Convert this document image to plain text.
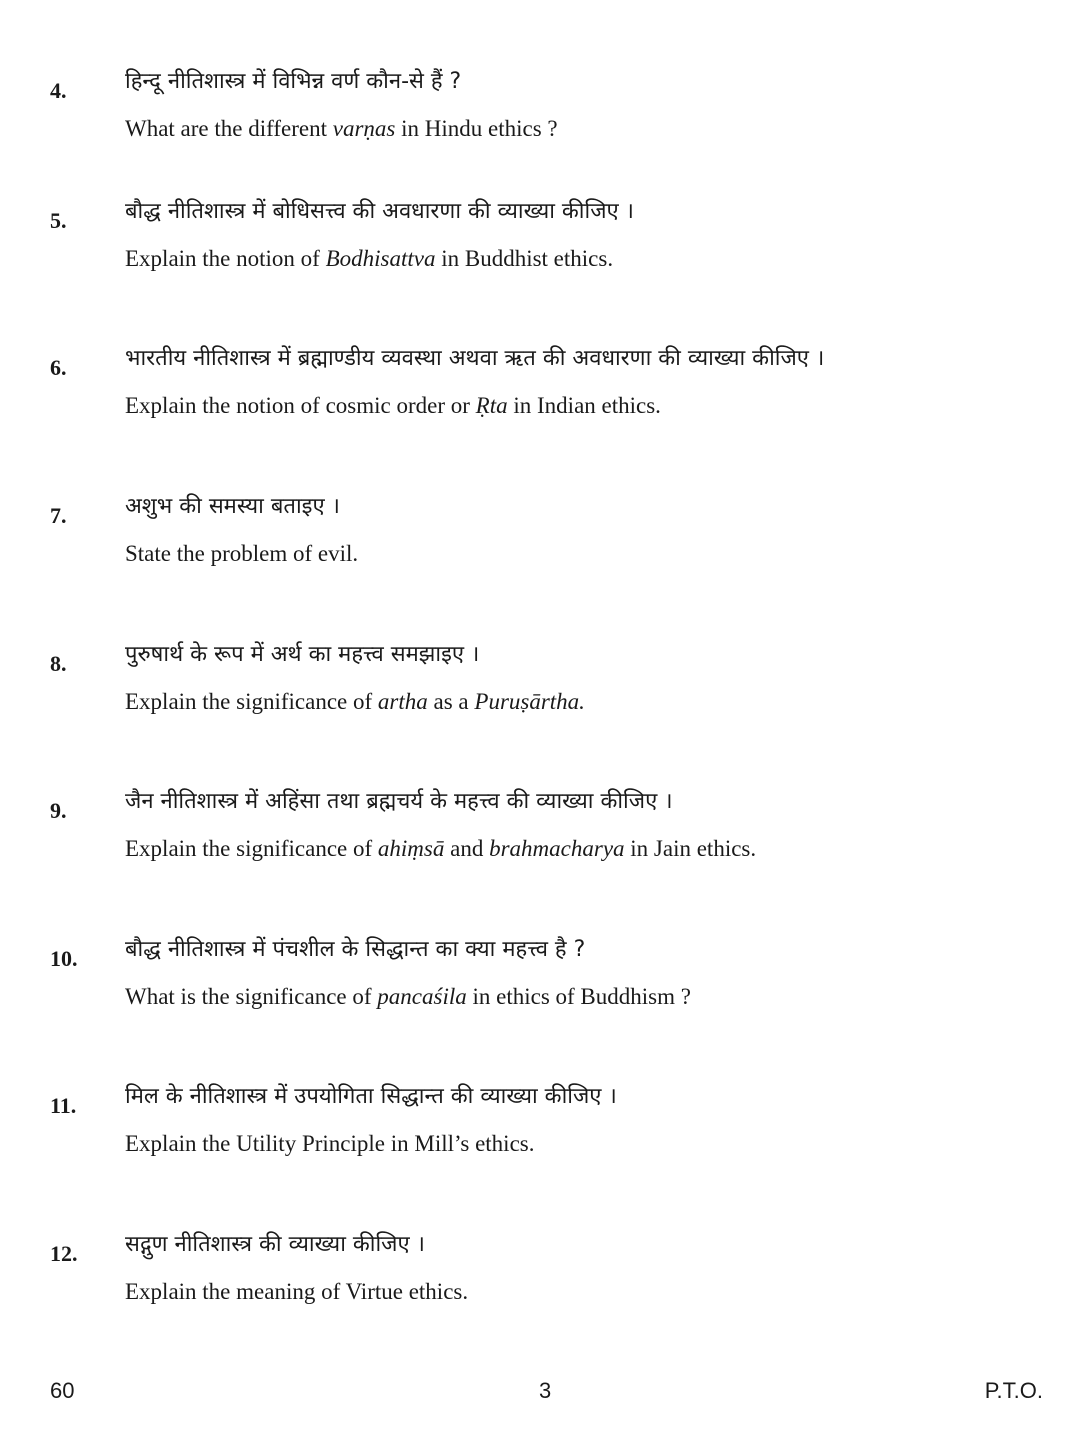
4.	हिन्दू नीतिशास्त्र में विभिन्न वर्ण कौन-से हैं ?
What are the different varṇas in Hindu ethics ?
5.	बौद्ध नीतिशास्त्र में बोधिसत्त्व की अवधारणा की व्याख्या कीजिए ।
Explain the notion of Bodhisattva in Buddhist ethics.
6.	भारतीय नीतिशास्त्र में ब्रह्माण्डीय व्यवस्था अथवा ऋत की अवधारणा की व्याख्या कीजिए ।
Explain the notion of cosmic order or Ṛta in Indian ethics.
7.	अशुभ की समस्या बताइए ।
State the problem of evil.
8.	पुरुषार्थ के रूप में अर्थ का महत्त्व समझाइए ।
Explain the significance of artha as a Puruṣārtha.
9.	जैन नीतिशास्त्र में अहिंसा तथा ब्रह्मचर्य के महत्त्व की व्याख्या कीजिए ।
Explain the significance of ahiṃsā and brahmacharya in Jain ethics.
10. बौद्ध नीतिशास्त्र में पंचशील के सिद्धान्त का क्या महत्त्व है ?
What is the significance of pancaśila in ethics of Buddhism ?
11. मिल के नीतिशास्त्र में उपयोगिता सिद्धान्त की व्याख्या कीजिए ।
Explain the Utility Principle in Mill’s ethics.
12. सद्गुण नीतिशास्त्र की व्याख्या कीजिए ।
Explain the meaning of Virtue ethics.
60	3	P.T.O.
